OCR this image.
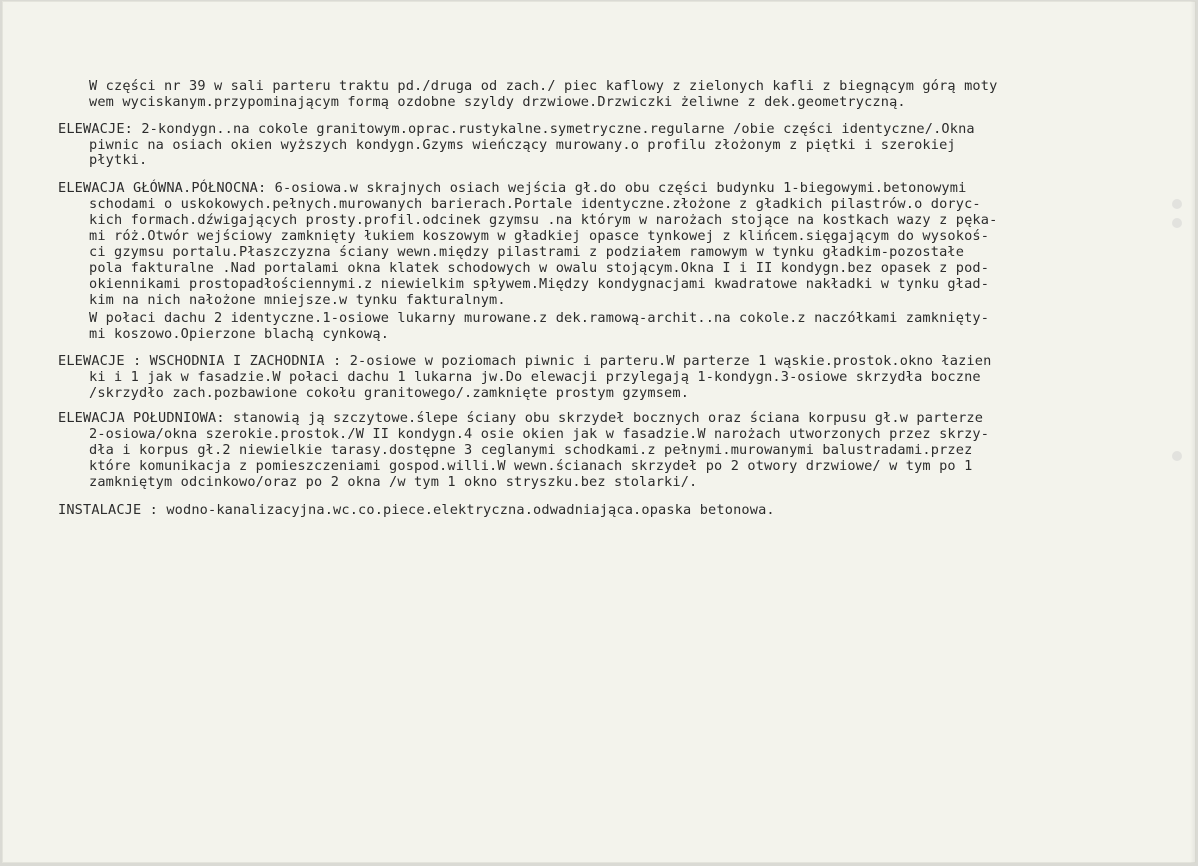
W części nr 39 w sali parteru traktu pd./druga od zach./ piec kaflowy z zielonych kafli z biegnącym górą moty

wem wyciskanym.przypominającym formą ozdobne szyldy drzwiowe.Drzwiczki żeliwne z dek.geometryczną.

ELEWACJE: 2-kondygn..na cokole granitowym.oprac.rustykalne.symetryczne.regularne /obie części identyczne/.Okna

piwnic na osiach okien wyższych kondygn.Gzyms wieńczący murowany.o profilu złożonym z piętki i szerokiej

płytki.

ELEWACJA GŁÓWNA.PÓŁNOCNA: 6-osiowa.w skrajnych osiach wejścia gł.do obu części budynku 1-biegowymi.betonowymi

schodami o uskokowych.pełnych.murowanych barierach.Portale identyczne.złożone z gładkich pilastrów.o doryc-

kich formach.dźwigających prosty.profil.odcinek gzymsu .na którym w narożach stojące na kostkach wazy z pęka-

mi róż.Otwór wejściowy zamknięty łukiem koszowym w gładkiej opasce tynkowej z klińcem.sięgającym do wysokoś-

ci gzymsu portalu.Płaszczyzna ściany wewn.między pilastrami z podziałem ramowym w tynku gładkim-pozostałe

pola fakturalne .Nad portalami okna klatek schodowych w owalu stojącym.Okna I i II kondygn.bez opasek z pod-

okiennikami prostopadłościennymi.z niewielkim spływem.Między kondygnacjami kwadratowe nakładki w tynku gład-

kim na nich nałożone mniejsze.w tynku fakturalnym.

W połaci dachu 2 identyczne.1-osiowe lukarny murowane.z dek.ramową-archit..na cokole.z naczółkami zamknięty-

mi koszowo.Opierzone blachą cynkową.

ELEWACJE : WSCHODNIA I ZACHODNIA : 2-osiowe w poziomach piwnic i parteru.W parterze 1 wąskie.prostok.okno łazien

ki i 1 jak w fasadzie.W połaci dachu 1 lukarna jw.Do elewacji przylegają 1-kondygn.3-osiowe skrzydła boczne

/skrzydło zach.pozbawione cokołu granitowego/.zamknięte prostym gzymsem.

ELEWACJA POŁUDNIOWA: stanowią ją szczytowe.ślepe ściany obu skrzydeł bocznych oraz ściana korpusu gł.w parterze

2-osiowa/okna szerokie.prostok./W II kondygn.4 osie okien jak w fasadzie.W narożach utworzonych przez skrzy-

dła i korpus gł.2 niewielkie tarasy.dostępne 3 ceglanymi schodkami.z pełnymi.murowanymi balustradami.przez

które komunikacja z pomieszczeniami gospod.willi.W wewn.ścianach skrzydeł po 2 otwory drzwiowe/ w tym po 1

zamkniętym odcinkowo/oraz po 2 okna /w tym 1 okno stryszku.bez stolarki/.

INSTALACJE : wodno-kanalizacyjna.wc.co.piece.elektryczna.odwadniająca.opaska betonowa.
